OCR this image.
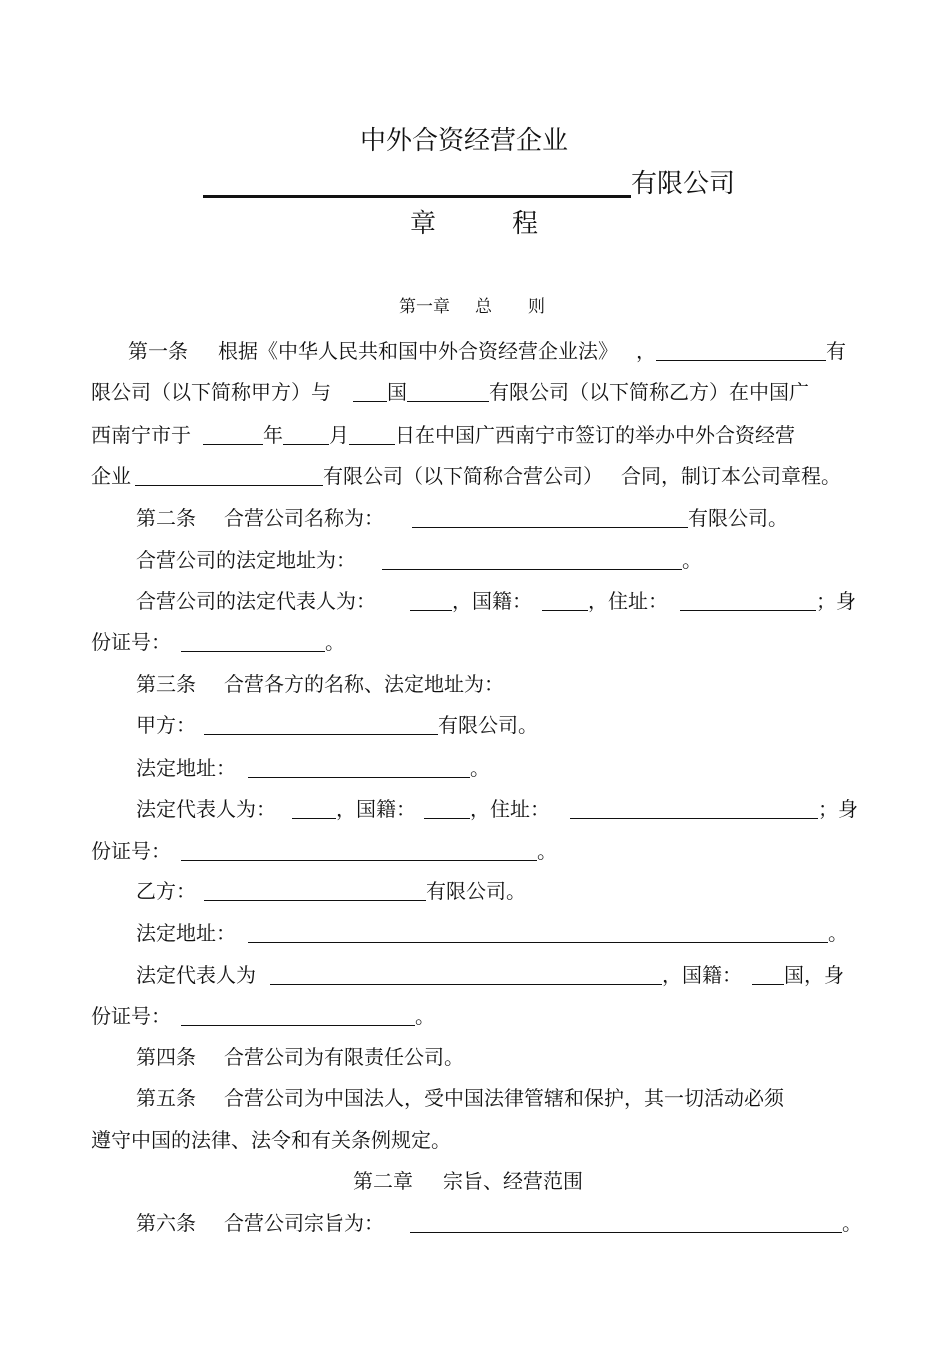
中外合资经营企业
有限公司
章	程
第一章 总 则
第一条 根据《中华人民共和国中外合资经营企业法》 ，	有
限公司（以下简称甲方）与	国	有限公司（以下简称乙方）在中国广
西南宁市于	年 月 日在中国广西南宁市签订的举办中外合资经营
企业	有限公司（以下简称合营公司） 合同，制订本公司章程。
第二条 合营公司名称为：	有限公司。
合营公司的法定地址为：	。
合营公司的法定代表人为：	，国籍：	，住址：	；身
份证号：	。
第三条 合营各方的名称、法定地址为：
甲方：	有限公司。
法定地址：	。
法定代表人为：	，国籍：	，住址：	；身
份证号：	。
乙方：	有限公司。
法定地址：	。
法定代表人为	，国籍： 国，身
份证号：	。
第四条 合营公司为有限责任公司。
第五条 合营公司为中国法人，受中国法律管辖和保护，其一切活动必须
遵守中国的法律、法令和有关条例规定。
第二章 宗旨、经营范围
第六条 合营公司宗旨为：	。
